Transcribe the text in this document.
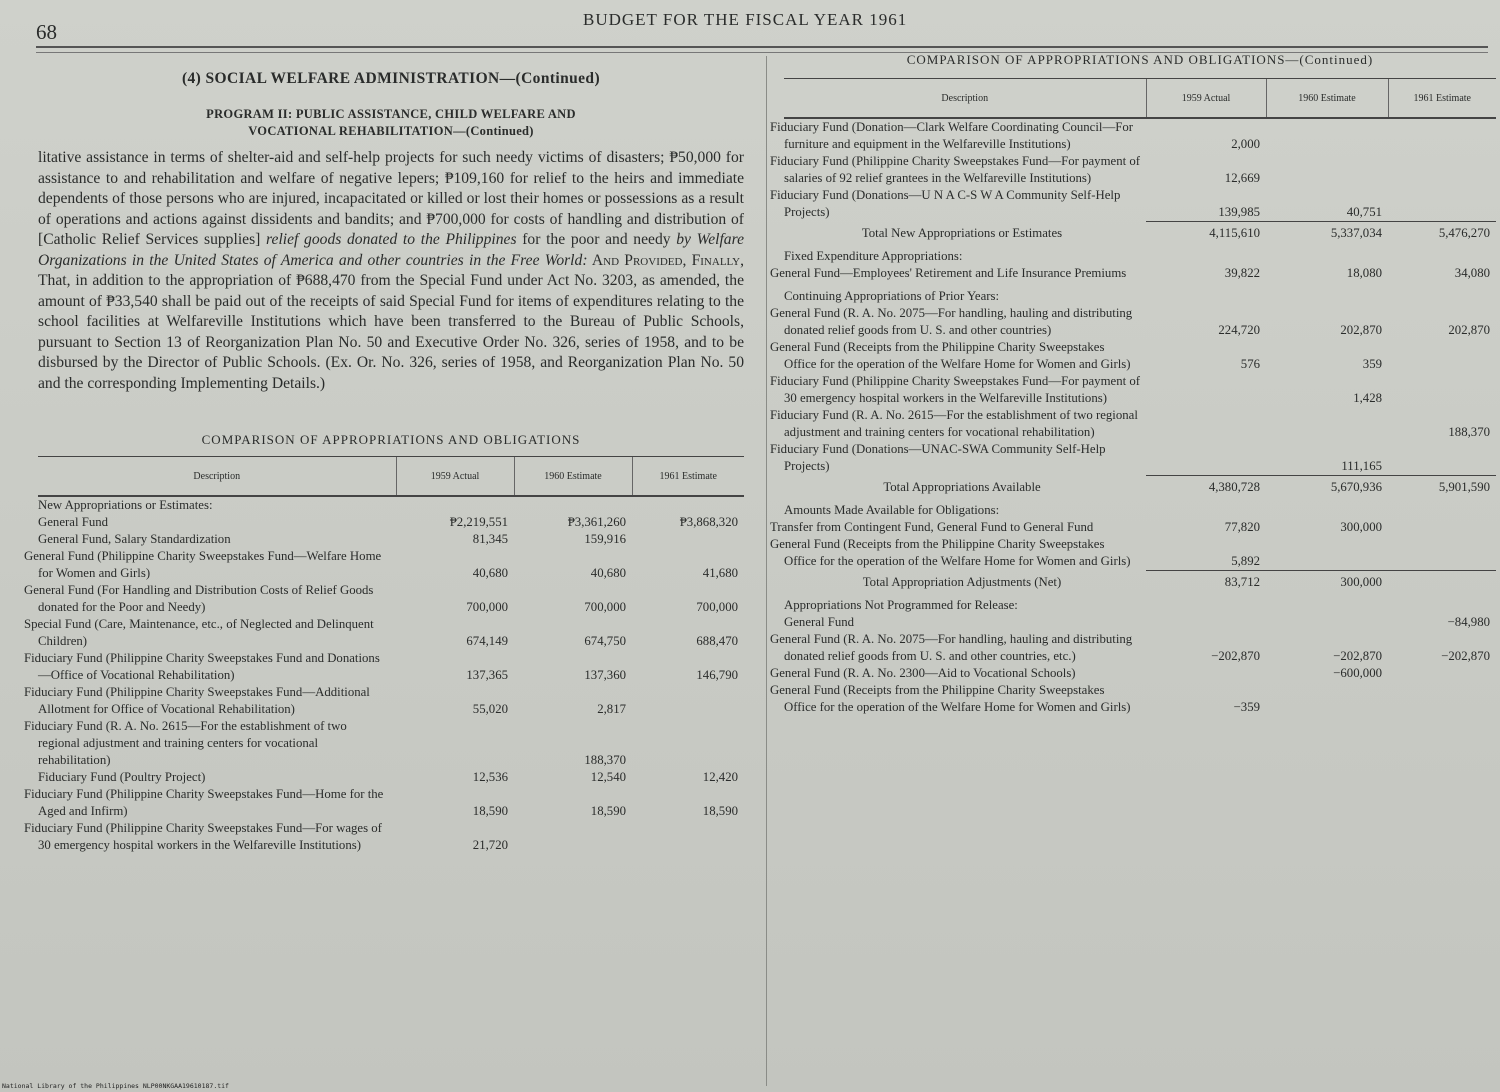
68
BUDGET FOR THE FISCAL YEAR 1961
(4) SOCIAL WELFARE ADMINISTRATION—(Continued)
PROGRAM II: PUBLIC ASSISTANCE, CHILD WELFARE AND
VOCATIONAL REHABILITATION—(Continued)
litative assistance in terms of shelter-aid and self-help projects for such needy victims of disasters; ₱50,000 for assistance to and rehabilitation and welfare of negative lepers; ₱109,160 for relief to the heirs and immediate dependents of those persons who are injured, incapacitated or killed or lost their homes or possessions as a result of operations and actions against dissidents and bandits; and ₱700,000 for costs of handling and distribution of [Catholic Relief Services supplies] relief goods donated to the Philippines for the poor and needy by Welfare Organizations in the United States of America and other countries in the Free World: And Provided, Finally, That, in addition to the appropriation of ₱688,470 from the Special Fund under Act No. 3203, as amended, the amount of ₱33,540 shall be paid out of the receipts of said Special Fund for items of expenditures relating to the school facilities at Welfareville Institutions which have been transferred to the Bureau of Public Schools, pursuant to Section 13 of Reorganization Plan No. 50 and Executive Order No. 326, series of 1958, and to be disbursed by the Director of Public Schools. (Ex. Or. No. 326, series of 1958, and Reorganization Plan No. 50 and the corresponding Implementing Details.)
COMPARISON OF APPROPRIATIONS AND OBLIGATIONS
Description	1959 Actual	1960 Estimate	1961 Estimate
New Appropriations or Estimates:			
General Fund	₱2,219,551	₱3,361,260	₱3,868,320
General Fund, Salary Standardization	81,345	159,916	
General Fund (Philippine Charity Sweepstakes Fund—Welfare Home for Women and Girls)	40,680	40,680	41,680
General Fund (For Handling and Distribution Costs of Relief Goods donated for the Poor and Needy)	700,000	700,000	700,000
Special Fund (Care, Maintenance, etc., of Neglected and Delinquent Children)	674,149	674,750	688,470
Fiduciary Fund (Philippine Charity Sweepstakes Fund and Donations—Office of Vocational Rehabilitation)	137,365	137,360	146,790
Fiduciary Fund (Philippine Charity Sweepstakes Fund—Additional Allotment for Office of Vocational Rehabilitation)	55,020	2,817	
Fiduciary Fund (R. A. No. 2615—For the establishment of two regional adjustment and training centers for vocational rehabilitation)		188,370	
Fiduciary Fund (Poultry Project)	12,536	12,540	12,420
Fiduciary Fund (Philippine Charity Sweepstakes Fund—Home for the Aged and Infirm)	18,590	18,590	18,590
Fiduciary Fund (Philippine Charity Sweepstakes Fund—For wages of 30 emergency hospital workers in the Welfareville Institutions)	21,720		
COMPARISON OF APPROPRIATIONS AND OBLIGATIONS—(Continued)
Description	1959 Actual	1960 Estimate	1961 Estimate
Fiduciary Fund (Donation—Clark Welfare Coordinating Council—For furniture and equipment in the Welfareville Institutions)	2,000		
Fiduciary Fund (Philippine Charity Sweepstakes Fund—For payment of salaries of 92 relief grantees in the Welfareville Institutions)	12,669		
Fiduciary Fund (Donations—U N A C-S W A Community Self-Help Projects)	139,985	40,751	
Total New Appropriations or Estimates	4,115,610	5,337,034	5,476,270
Fixed Expenditure Appropriations:			
General Fund—Employees' Retirement and Life Insurance Premiums	39,822	18,080	34,080
Continuing Appropriations of Prior Years:			
General Fund (R. A. No. 2075—For handling, hauling and distributing donated relief goods from U. S. and other countries)	224,720	202,870	202,870
General Fund (Receipts from the Philippine Charity Sweepstakes Office for the operation of the Welfare Home for Women and Girls)	576	359	
Fiduciary Fund (Philippine Charity Sweepstakes Fund—For payment of 30 emergency hospital workers in the Welfareville Institutions)		1,428	
Fiduciary Fund (R. A. No. 2615—For the establishment of two regional adjustment and training centers for vocational rehabilitation)			188,370
Fiduciary Fund (Donations—UNAC-SWA Community Self-Help Projects)		111,165	
Total Appropriations Available	4,380,728	5,670,936	5,901,590
Amounts Made Available for Obligations:			
Transfer from Contingent Fund, General Fund to General Fund	77,820	300,000	
General Fund (Receipts from the Philippine Charity Sweepstakes Office for the operation of the Welfare Home for Women and Girls)	5,892		
Total Appropriation Adjustments (Net)	83,712	300,000	
Appropriations Not Programmed for Release:			
General Fund			−84,980
General Fund (R. A. No. 2075—For handling, hauling and distributing donated relief goods from U. S. and other countries, etc.)	−202,870	−202,870	−202,870
General Fund (R. A. No. 2300—Aid to Vocational Schools)		−600,000	
General Fund (Receipts from the Philippine Charity Sweepstakes Office for the operation of the Welfare Home for Women and Girls)	−359		
National Library of the Philippines NLP00NKGAA19610187.tif
